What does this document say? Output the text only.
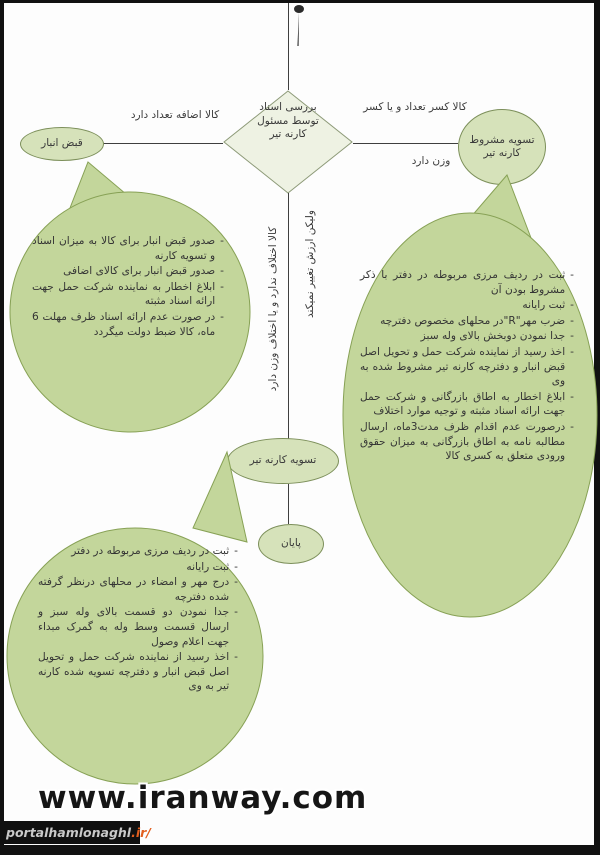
بررسی اسناد
توسط مسئول
کارنه تیر
کالا اضافه تعداد دارد
قبض انبار
کالا کسر تعداد و یا کسر
وزن دارد
تسویه مشروط
کارنه تیر
ولیکن ارزش تغییر نمیکند
کالا اختلاف ندارد و یا اختلاف وزن دارد
-
صدور قبض انبار برای کالا به میزان اسناد و تسویه کارنه
-
صدور قبض انبار برای کالای اضافی
-
ابلاغ اخطار به نماینده شرکت حمل جهت ارائه اسناد مثبته
-
در صورت عدم ارائه اسناد ظرف مهلت 6 ماه، کالا ضبط دولت میگردد
-
ثبت در ردیف مرزی مربوطه در دفتر با ذکر مشروط بودن آن
-
ثبت رایانه
-
ضرب مهر"R"در محلهای مخصوص دفترچه
-
جدا نمودن دوبخش بالای وله سبز
-
اخذ رسید از نماینده شرکت حمل و تحویل اصل قبض انبار و دفترچه کارنه تیر مشروط شده به وی
-
ابلاغ اخطار به اطاق بازرگانی و شرکت حمل جهت ارائه اسناد مثبته و توجیه موارد اختلاف
-
درصورت عدم اقدام ظرف مدت3ماه، ارسال مطالبه نامه به اطاق بازرگانی به میزان حقوق ورودی متعلق به کسری کالا
تسویه کارنه تیر
پایان
-
ثبت در ردیف مرزی مربوطه در دفتر
-
ثبت رایانه
-
درج مهر و امضاء در محلهای درنظر گرفته شده دفترچه
-
جدا نمودن دو قسمت بالای وله سبز و ارسال قسمت وسط وله به گمرک مبداء جهت اعلام وصول
-
اخذ رسید از نماینده شرکت حمل و تحویل اصل قبض انبار و دفترچه تسویه شده کارنه تیر به وی
www.iranway.com
portalhamlonaghl .ir/
